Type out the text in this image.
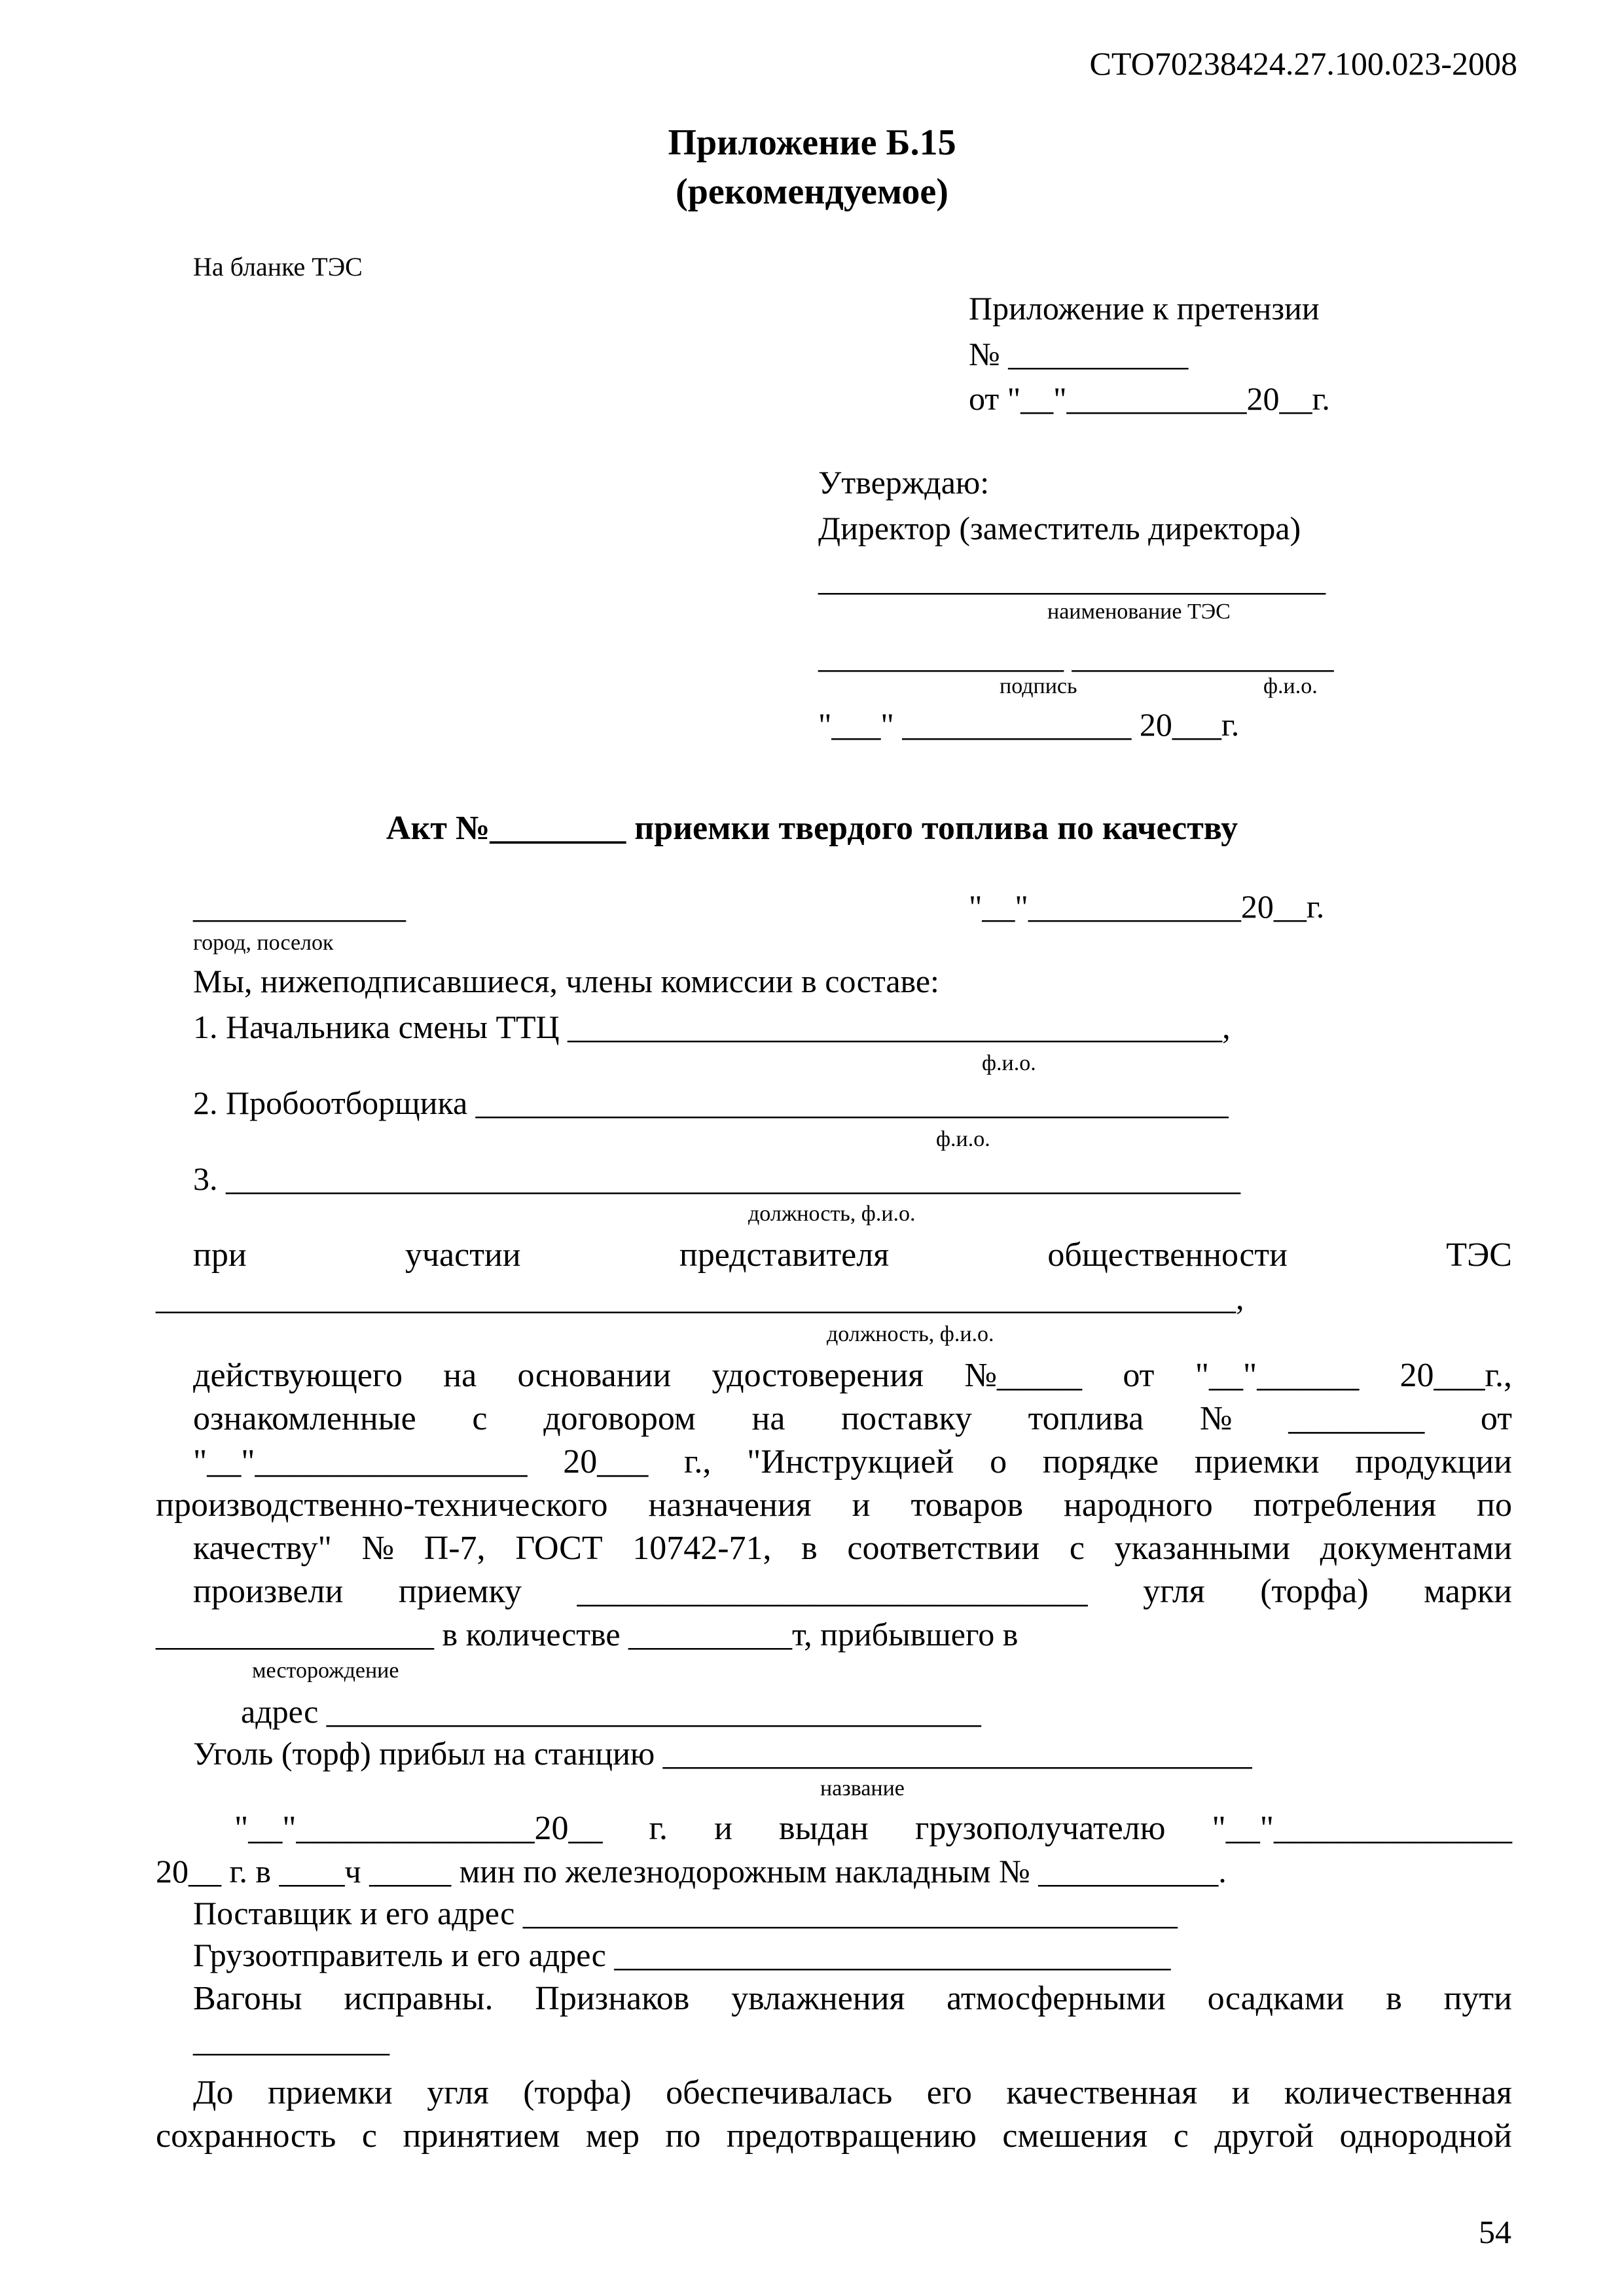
СТО70238424.27.100.023-2008
Приложение Б.15
(рекомендуемое)
На бланке ТЭС
Приложение к претензии
№ ___________
от "__"___________20__г.
Утверждаю:
Директор (заместитель директора)
_______________________________
наименование ТЭС
_______________ ________________
подпись	ф.и.о.
"___" ______________ 20___г.
Акт №________ приемки твердого топлива по качеству
_____________	"__"_____________20__г.
город, поселок
Мы, нижеподписавшиеся, члены комиссии в составе:
1. Начальника смены ТТЦ ________________________________________,
ф.и.о.
2. Пробоотборщика ______________________________________________
ф.и.о.
3. ______________________________________________________________
должность, ф.и.о.
при	участии	представителя	общественности	ТЭС
__________________________________________________________________,
должность, ф.и.о.
действующего на основании удостоверения №_____ от "__"______ 20___г.,
ознакомленные с договором на поставку топлива № ________ от
"__"________________ 20___ г., "Инструкцией о порядке приемки продукции
производственно-технического назначения и товаров народного потребления по
качеству" № П-7, ГОСТ 10742-71, в соответствии с указанными документами
произвели приемку ______________________________ угля (торфа) марки
_________________ в количестве __________т, прибывшего в
месторождение
адрес ________________________________________
Уголь (торф) прибыл на станцию ____________________________________
название
"__"______________20__ г. и выдан грузополучателю "__"______________
20__ г. в ____ч _____ мин по железнодорожным накладным № ___________.
Поставщик и его адрес ________________________________________
Грузоотправитель и его адрес __________________________________
Вагоны исправны. Признаков увлажнения атмосферными осадками в пути
____________
До приемки угля (торфа) обеспечивалась его качественная и количественная
сохранность с принятием мер по предотвращению смешения с другой однородной
54
